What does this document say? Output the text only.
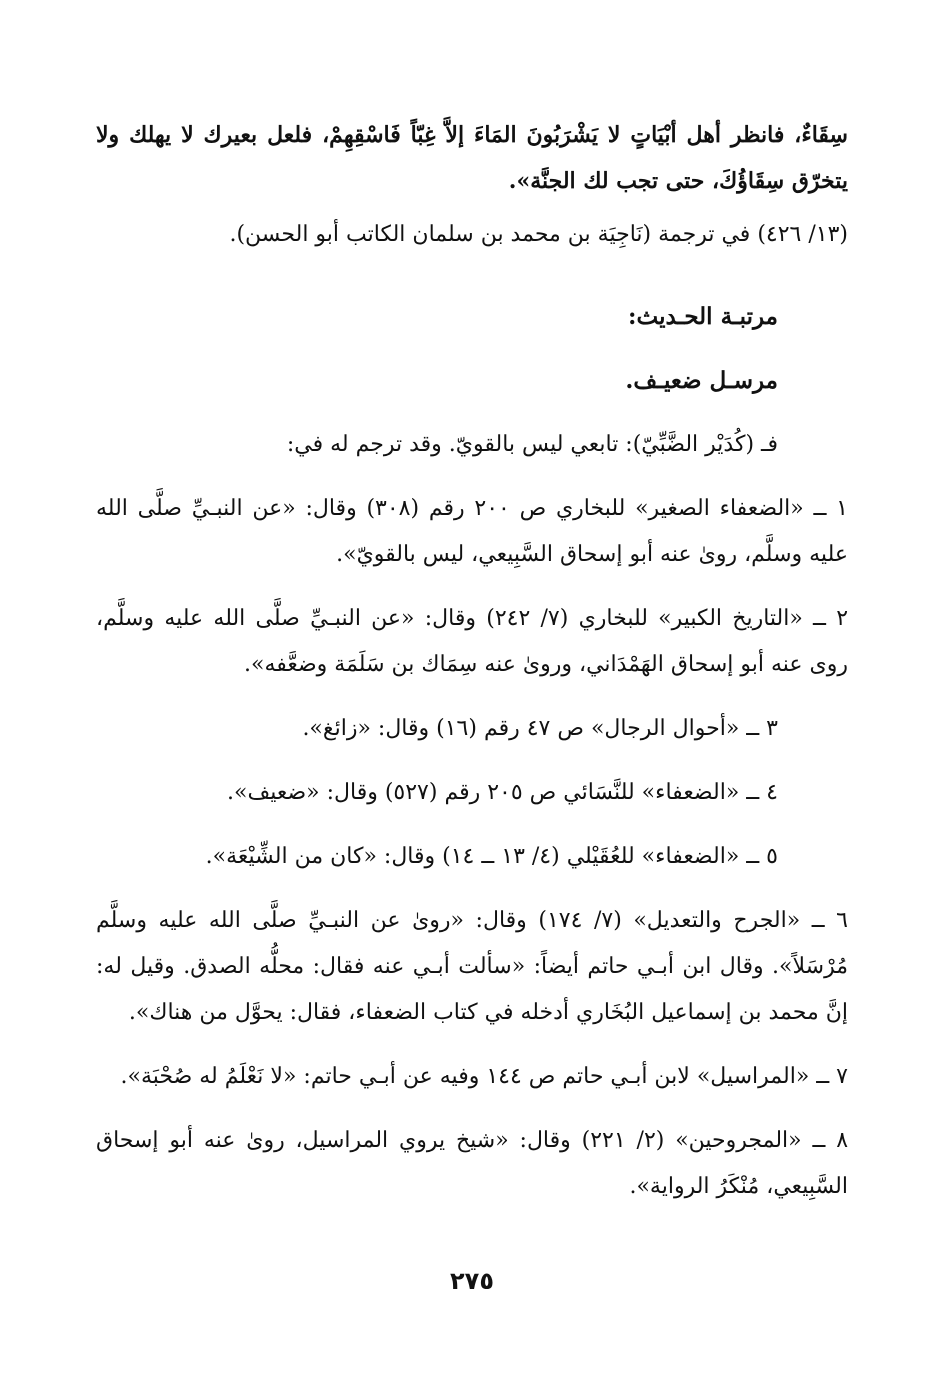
سِقَاءٌ، فانظر أهل أبْيَاتٍ لا يَشْرَبُونَ المَاءَ إلاَّ غِبّاً فَاسْقِهِمْ، فلعل بعيرك لا يهلك ولا يتخرّق سِقَاؤُكَ، حتى تجب لك الجنَّة».

(١٣/ ٤٢٦) في ترجمة (نَاجِيَة بن محمد بن سلمان الكاتب أبو الحسن).

مرتبـة الحـديث:

مرسـل ضعيـف.

فـ (كُدَيْر الضَّبِّيّ): تابعي ليس بالقويّ. وقد ترجم له في:

١ ــ «الضعفاء الصغير» للبخاري ص ٢٠٠ رقم (٣٠٨) وقال: «عن النبـيِّ صلَّى الله عليه وسلَّم، روىٰ عنه أبو إسحاق السَّبِيعي، ليس بالقويّ».

٢ ــ «التاريخ الكبير» للبخاري (٧/ ٢٤٢) وقال: «عن النبـيِّ صلَّى الله عليه وسلَّم، روى عنه أبو إسحاق الهَمْدَاني، وروىٰ عنه سِمَاك بن سَلَمَة وضعَّفه».

٣ ــ «أحوال الرجال» ص ٤٧ رقم (١٦) وقال: «زائغ».

٤ ــ «الضعفاء» للنَّسَائي ص ٢٠٥ رقم (٥٢٧) وقال: «ضعيف».

٥ ــ «الضعفاء» للعُقَيْلي (٤/ ١٣ ــ ١٤) وقال: «كان من الشِّيْعَة».

٦ ــ «الجرح والتعديل» (٧/ ١٧٤) وقال: «روىٰ عن النبـيِّ صلَّى الله عليه وسلَّم مُرْسَلاً». وقال ابن أبـي حاتم أيضاً: «سألت أبـي عنه فقال: محلُّه الصدق. وقيل له: إنَّ محمد بن إسماعيل البُخَاري أدخله في كتاب الضعفاء، فقال: يحوَّل من هناك».

٧ ــ «المراسيل» لابن أبـي حاتم ص ١٤٤ وفيه عن أبـي حاتم: «لا نَعْلَمُ له صُحْبَة».

٨ ــ «المجروحين» (٢/ ٢٢١) وقال: «شيخ يروي المراسيل، روىٰ عنه أبو إسحاق السَّبِيعي، مُنْكَرُ الرواية».

٢٧٥
